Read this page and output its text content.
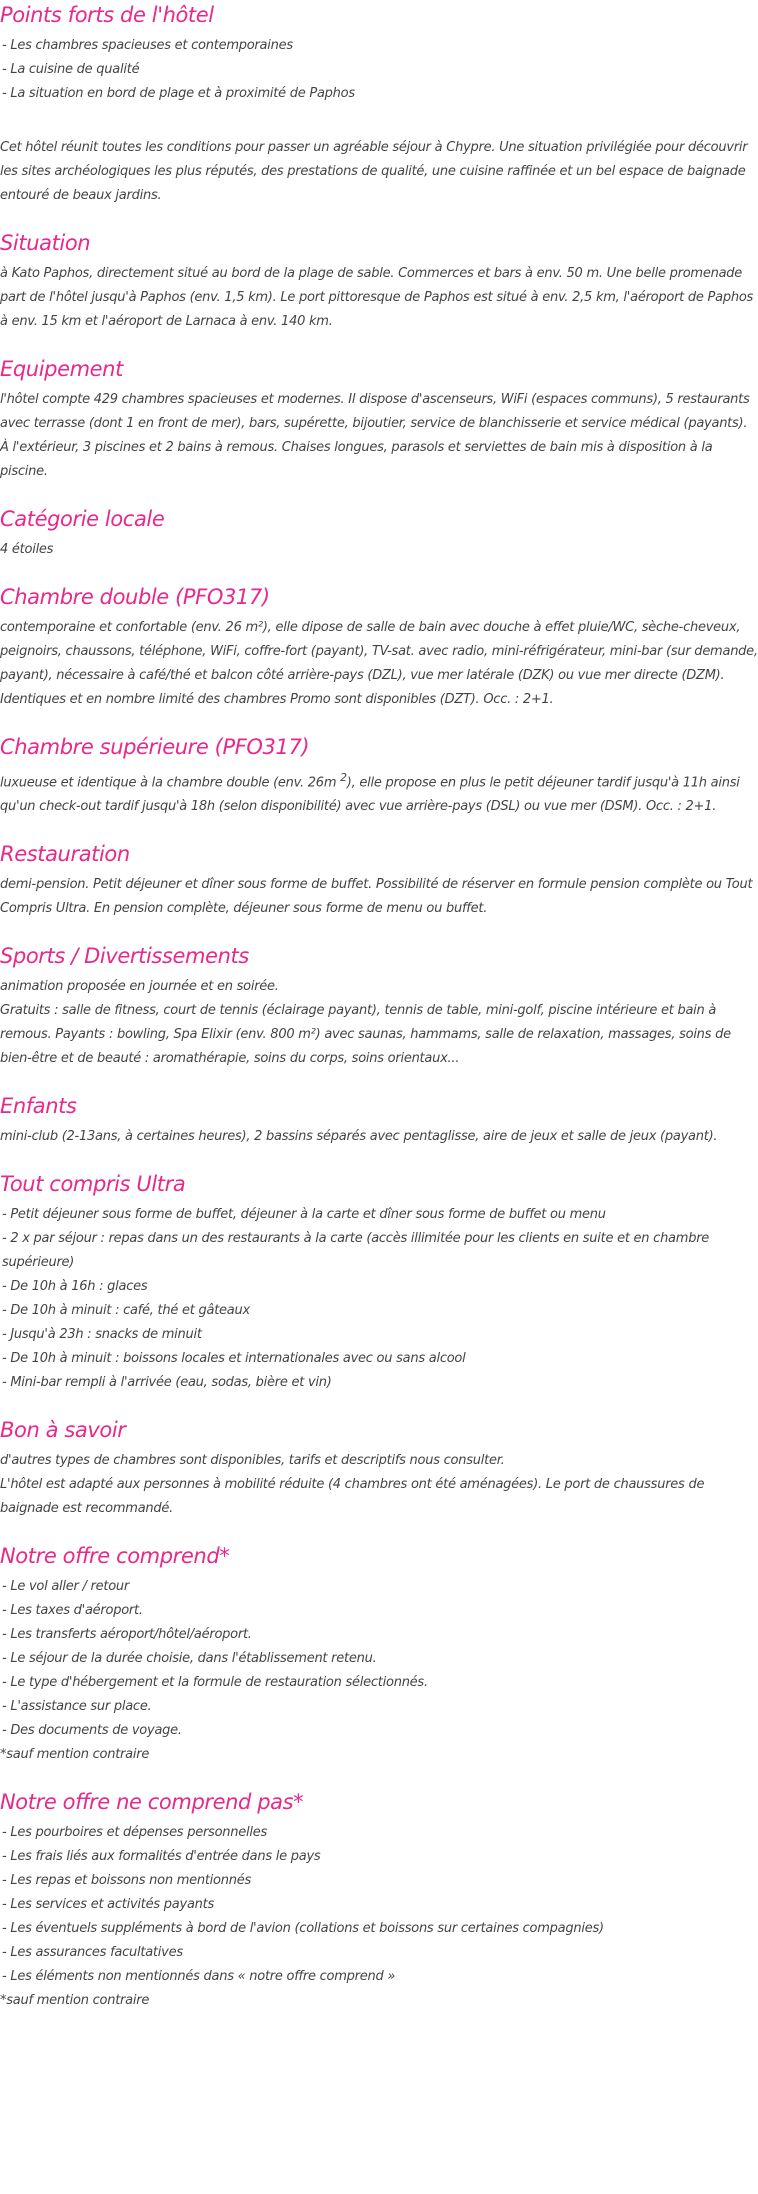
Points forts de l'hôtel

- Les chambres spacieuses et contemporaines

- La cuisine de qualité

- La situation en bord de plage et à proximité de Paphos

Cet hôtel réunit toutes les conditions pour passer un agréable séjour à Chypre. Une situation privilégiée pour découvrir les sites archéologiques les plus réputés, des prestations de qualité, une cuisine raffinée et un bel espace de baignade entouré de beaux jardins.

Situation

à Kato Paphos, directement situé au bord de la plage de sable. Commerces et bars à env. 50 m. Une belle promenade part de l'hôtel jusqu'à Paphos (env. 1,5 km). Le port pittoresque de Paphos est situé à env. 2,5 km, l'aéroport de Paphos à env. 15 km et l'aéroport de Larnaca à env. 140 km.

Equipement

l'hôtel compte 429 chambres spacieuses et modernes. Il dispose d'ascenseurs, WiFi (espaces communs), 5 restaurants avec terrasse (dont 1 en front de mer), bars, supérette, bijoutier, service de blanchisserie et service médical (payants). À l'extérieur, 3 piscines et 2 bains à remous. Chaises longues, parasols et serviettes de bain mis à disposition à la piscine.

Catégorie locale

4 étoiles

Chambre double (PFO317)

contemporaine et confortable (env. 26 m²), elle dipose de salle de bain avec douche à effet pluie/WC, sèche-cheveux, peignoirs, chaussons, téléphone, WiFi, coffre-fort (payant), TV-sat. avec radio, mini-réfrigérateur, mini-bar (sur demande, payant), nécessaire à café/thé et balcon côté arrière-pays (DZL), vue mer latérale (DZK) ou vue mer directe (DZM). Identiques et en nombre limité des chambres Promo sont disponibles (DZT). Occ. : 2+1.

Chambre supérieure (PFO317)

luxueuse et identique à la chambre double (env. 26m $^2$), elle propose en plus le petit déjeuner tardif jusqu'à 11h ainsi qu'un check-out tardif jusqu'à 18h (selon disponibilité) avec vue arrière-pays (DSL) ou vue mer (DSM). Occ. : 2+1.

Restauration

demi-pension. Petit déjeuner et dîner sous forme de buffet. Possibilité de réserver en formule pension complète ou Tout Compris Ultra. En pension complète, déjeuner sous forme de menu ou buffet.

Sports / Divertissements

animation proposée en journée et en soirée.

Gratuits : salle de fitness, court de tennis (éclairage payant), tennis de table, mini-golf, piscine intérieure et bain à remous. Payants : bowling, Spa Elixir (env. 800 m²) avec saunas, hammams, salle de relaxation, massages, soins de bien-être et de beauté : aromathérapie, soins du corps, soins orientaux...

Enfants

mini-club (2-13ans, à certaines heures), 2 bassins séparés avec pentaglisse, aire de jeux et salle de jeux (payant).

Tout compris Ultra

- Petit déjeuner sous forme de buffet, déjeuner à la carte et dîner sous forme de buffet ou menu

- 2 x par séjour : repas dans un des restaurants à la carte (accès illimitée pour les clients en suite et en chambre supérieure)

- De 10h à 16h : glaces

- De 10h à minuit : café, thé et gâteaux

- Jusqu'à 23h : snacks de minuit

- De 10h à minuit : boissons locales et internationales avec ou sans alcool

- Mini-bar rempli à l'arrivée (eau, sodas, bière et vin)

Bon à savoir

d'autres types de chambres sont disponibles, tarifs et descriptifs nous consulter.

L'hôtel est adapté aux personnes à mobilité réduite (4 chambres ont été aménagées). Le port de chaussures de baignade est recommandé.

Notre offre comprend*

- Le vol aller / retour

- Les taxes d'aéroport.

- Les transferts aéroport/hôtel/aéroport.

- Le séjour de la durée choisie, dans l'établissement retenu.

- Le type d'hébergement et la formule de restauration sélectionnés.

- L'assistance sur place.

- Des documents de voyage.

*sauf mention contraire

Notre offre ne comprend pas*

- Les pourboires et dépenses personnelles

- Les frais liés aux formalités d'entrée dans le pays

- Les repas et boissons non mentionnés

- Les services et activités payants

- Les éventuels suppléments à bord de l'avion (collations et boissons sur certaines compagnies)

- Les assurances facultatives

- Les éléments non mentionnés dans « notre offre comprend »

*sauf mention contraire
